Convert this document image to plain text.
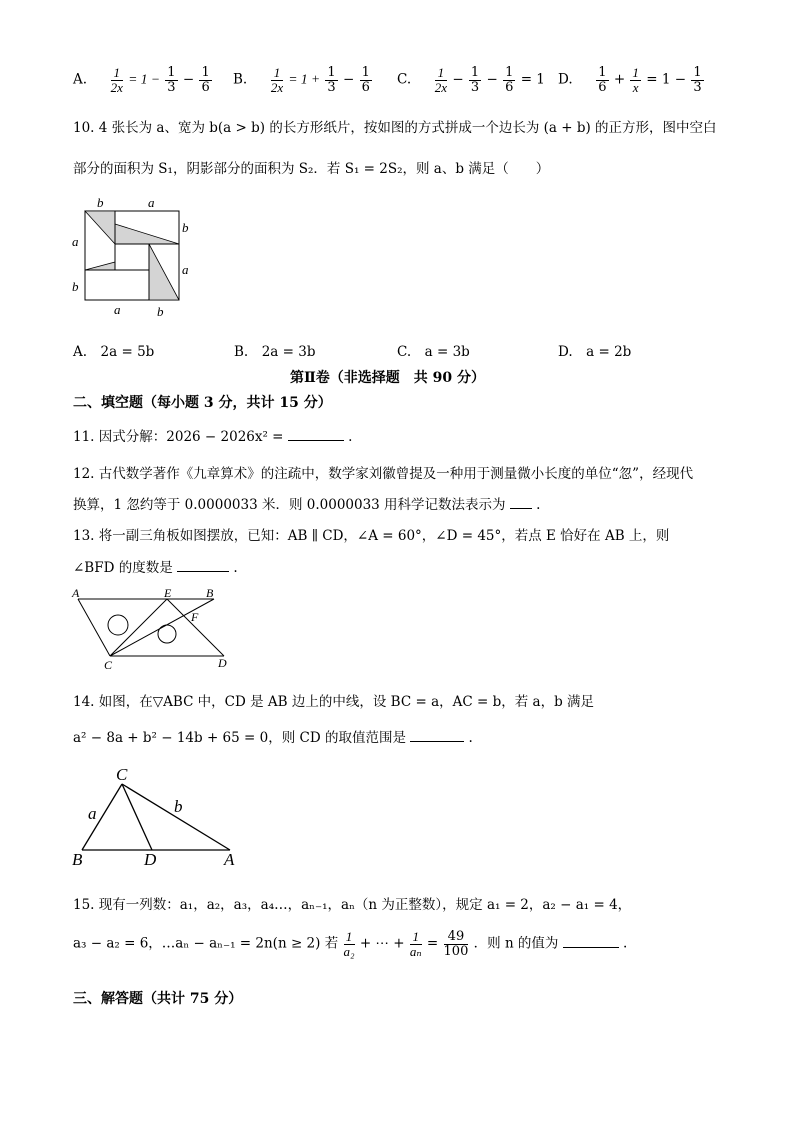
A. $\frac{1}{2x} = 1 - \frac{1}{3} - \frac{1}{6} B$. $\frac{1}{2x} = 1 + \frac{1}{3} - \frac{1}{6} C$. $\frac{1}{2x} - \frac{1}{3} - \frac{1}{6} = 1$ D. $\frac{1}{6} + \frac{1}{x} = 1 - \frac{1}{3}$
10. 4 张长为 a、宽为 b(a > b) 的长方形纸片，按如图的方式拼成一个边长为 (a + b) 的正方形，图中空白
部分的面积为 S₁，阴影部分的面积为 S₂．若 S₁ = 2S₂，则 a、b 满足（　　）
b	a
b
a
a
b
a	b
A.　2a = 5b	B.　2a = 3b	C.　a = 3b	D.　a = 2b
第Ⅱ卷（非选择题　共 90 分）
二、填空题（每小题 3 分，共计 15 分）
11. 因式分解：2026 − 2026x² =	.
12. 古代数学著作《九章算术》的注疏中，数学家刘徽曾提及一种用于测量微小长度的单位“忽”，经现代
换算，1 忽约等于 0.0000033 米．则 0.0000033 用科学记数法表示为 .
13. 将一副三角板如图摆放，已知：AB ∥ CD，∠A = 60°，∠D = 45°，若点 E 恰好在 AB 上，则
∠BFD 的度数是	.
A	E	B
F
C	D
14. 如图，在▽ABC 中，CD 是 AB 边上的中线，设 BC = a，AC = b，若 a，b 满足
a² − 8a + b² − 14b + 65 = 0，则 CD 的取值范围是	.
C
a	b
B	D	A
15. 现有一列数：a₁，a₂，a₃，a₄…，aₙ₋₁，aₙ（n 为正整数），规定 a₁ = 2，a₂ − a₁ = 4，
a₃ − a₂ = 6，…aₙ − aₙ₋₁ = 2n(n ≥ 2) 若 $\frac{1}{\text{a₂}}$ + ⋯ + $\frac{1}{\text{aₙ}} = \frac{49}{100}$ ．则 n 的值为	.
三、解答题（共计 75 分）
